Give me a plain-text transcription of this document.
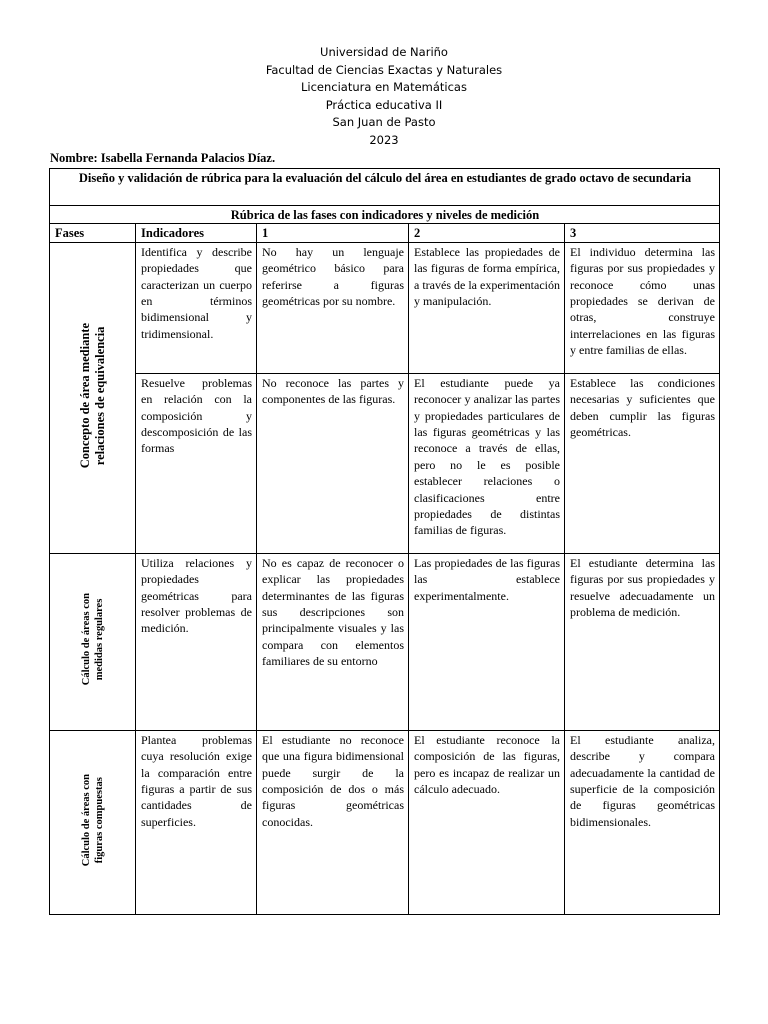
Universidad de Nariño
Facultad de Ciencias Exactas y Naturales
Licenciatura en Matemáticas
Práctica educativa II
San Juan de Pasto
2023
Nombre: Isabella Fernanda Palacios Díaz.
Diseño y validación de rúbrica para la evaluación del cálculo del área en estudiantes de grado octavo de secundaria				
Rúbrica de las fases con indicadores y niveles de medición				
Fases	Indicadores	1	2	3

Concepto de área mediante relaciones de equivalencia	Identifica y describe propiedades que caracterizan un cuerpo en términos bidimensional y tridimensional.	No hay un lenguaje geométrico básico para referirse a figuras geométricas por su nombre.	Establece las propiedades de las figuras de forma empírica, a través de la experimentación y manipulación.	El individuo determina las figuras por sus propiedades y reconoce cómo unas propiedades se derivan de otras, construye interrelaciones en las figuras y entre familias de ellas.
	Resuelve problemas en relación con la composición y descomposición de las formas	No reconoce las partes y componentes de las figuras.	El estudiante puede ya reconocer y analizar las partes y propiedades particulares de las figuras geométricas y las reconoce a través de ellas, pero no le es posible establecer relaciones o clasificaciones entre propiedades de distintas familias de figuras.	Establece las condiciones necesarias y suficientes que deben cumplir las figuras geométricas.

Cálculo de áreas con medidas regulares	Utiliza relaciones y propiedades geométricas para resolver problemas de medición.	No es capaz de reconocer o explicar las propiedades determinantes de las figuras sus descripciones son principalmente visuales y las compara con elementos familiares de su entorno	Las propiedades de las figuras las establece experimentalmente.	El estudiante determina las figuras por sus propiedades y resuelve adecuadamente un problema de medición.

Cálculo de áreas con figuras compuestas	Plantea problemas cuya resolución exige la comparación entre figuras a partir de sus cantidades de superficies.	El estudiante no reconoce que una figura bidimensional puede surgir de la composición de dos o más figuras geométricas conocidas.	El estudiante reconoce la composición de las figuras, pero es incapaz de realizar un cálculo adecuado.	El estudiante analiza, describe y compara adecuadamente la cantidad de superficie de la composición de figuras geométricas bidimensionales.
